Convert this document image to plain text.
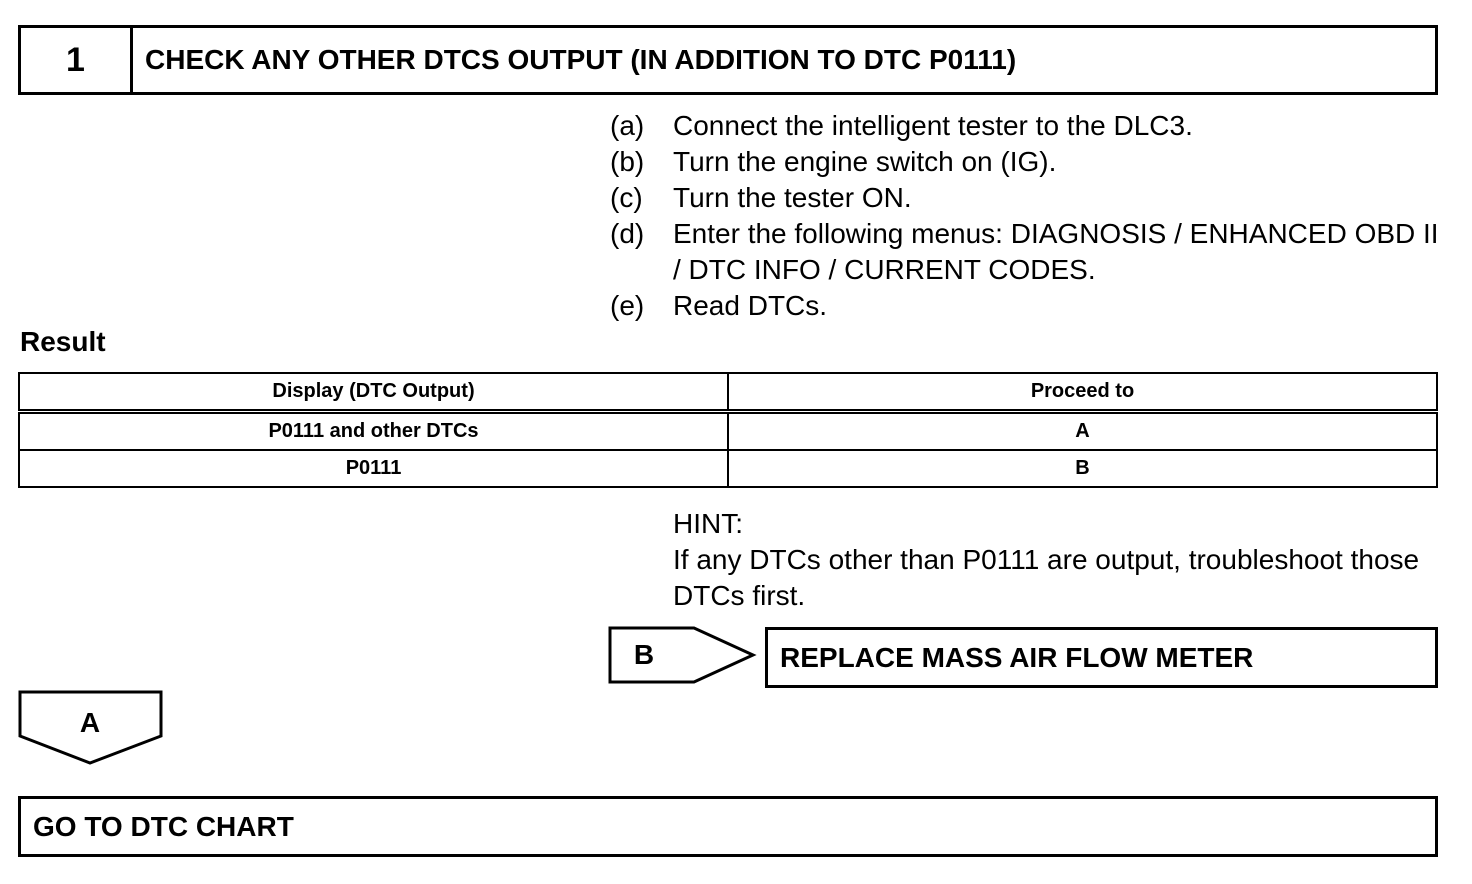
1	CHECK ANY OTHER DTCS OUTPUT (IN ADDITION TO DTC P0111)
(a)	Connect the intelligent tester to the DLC3.
(b)	Turn the engine switch on (IG).
(c)	Turn the tester ON.
(d)	Enter the following menus: DIAGNOSIS / ENHANCED OBD II / DTC INFO / CURRENT CODES.
(e)	Read DTCs.
Result
Display (DTC Output)	Proceed to
P0111 and other DTCs	A
P0111	B
HINT:
If any DTCs other than P0111 are output, troubleshoot those DTCs first.
B	REPLACE MASS AIR FLOW METER
A
GO TO DTC CHART
